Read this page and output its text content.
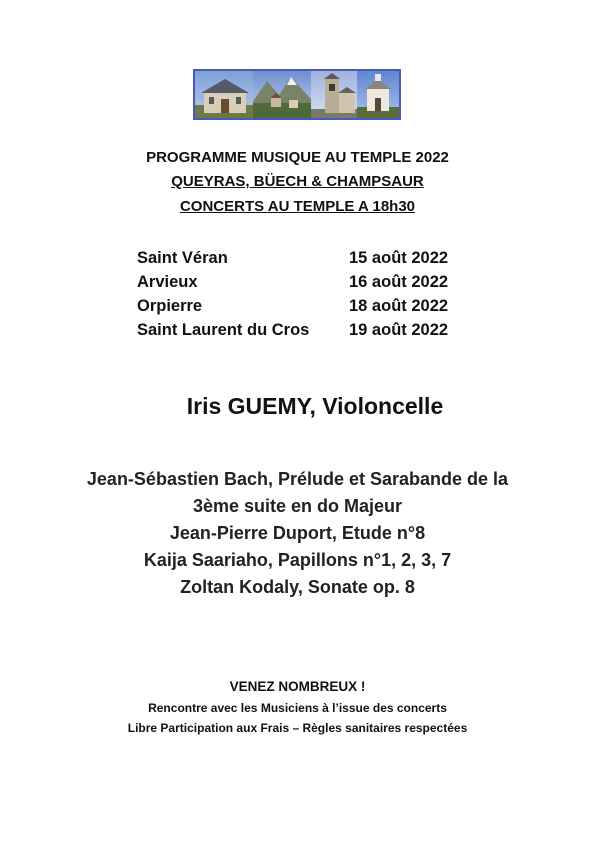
PROGRAMME MUSIQUE AU TEMPLE 2022
QUEYRAS, BÜECH & CHAMPSAUR
CONCERTS AU TEMPLE A 18h30
Saint Véran	15 août 2022
Arvieux	16 août 2022
Orpierre	18 août 2022
Saint Laurent du Cros	19 août 2022
Iris GUEMY, Violoncelle
Jean-Sébastien Bach, Prélude et Sarabande de la
3ème suite en do Majeur
Jean-Pierre Duport, Etude n°8
Kaija Saariaho, Papillons n°1, 2, 3, 7
Zoltan Kodaly, Sonate op. 8
VENEZ NOMBREUX !
Rencontre avec les Musiciens à l’issue des concerts
Libre Participation aux Frais – Règles sanitaires respectées
